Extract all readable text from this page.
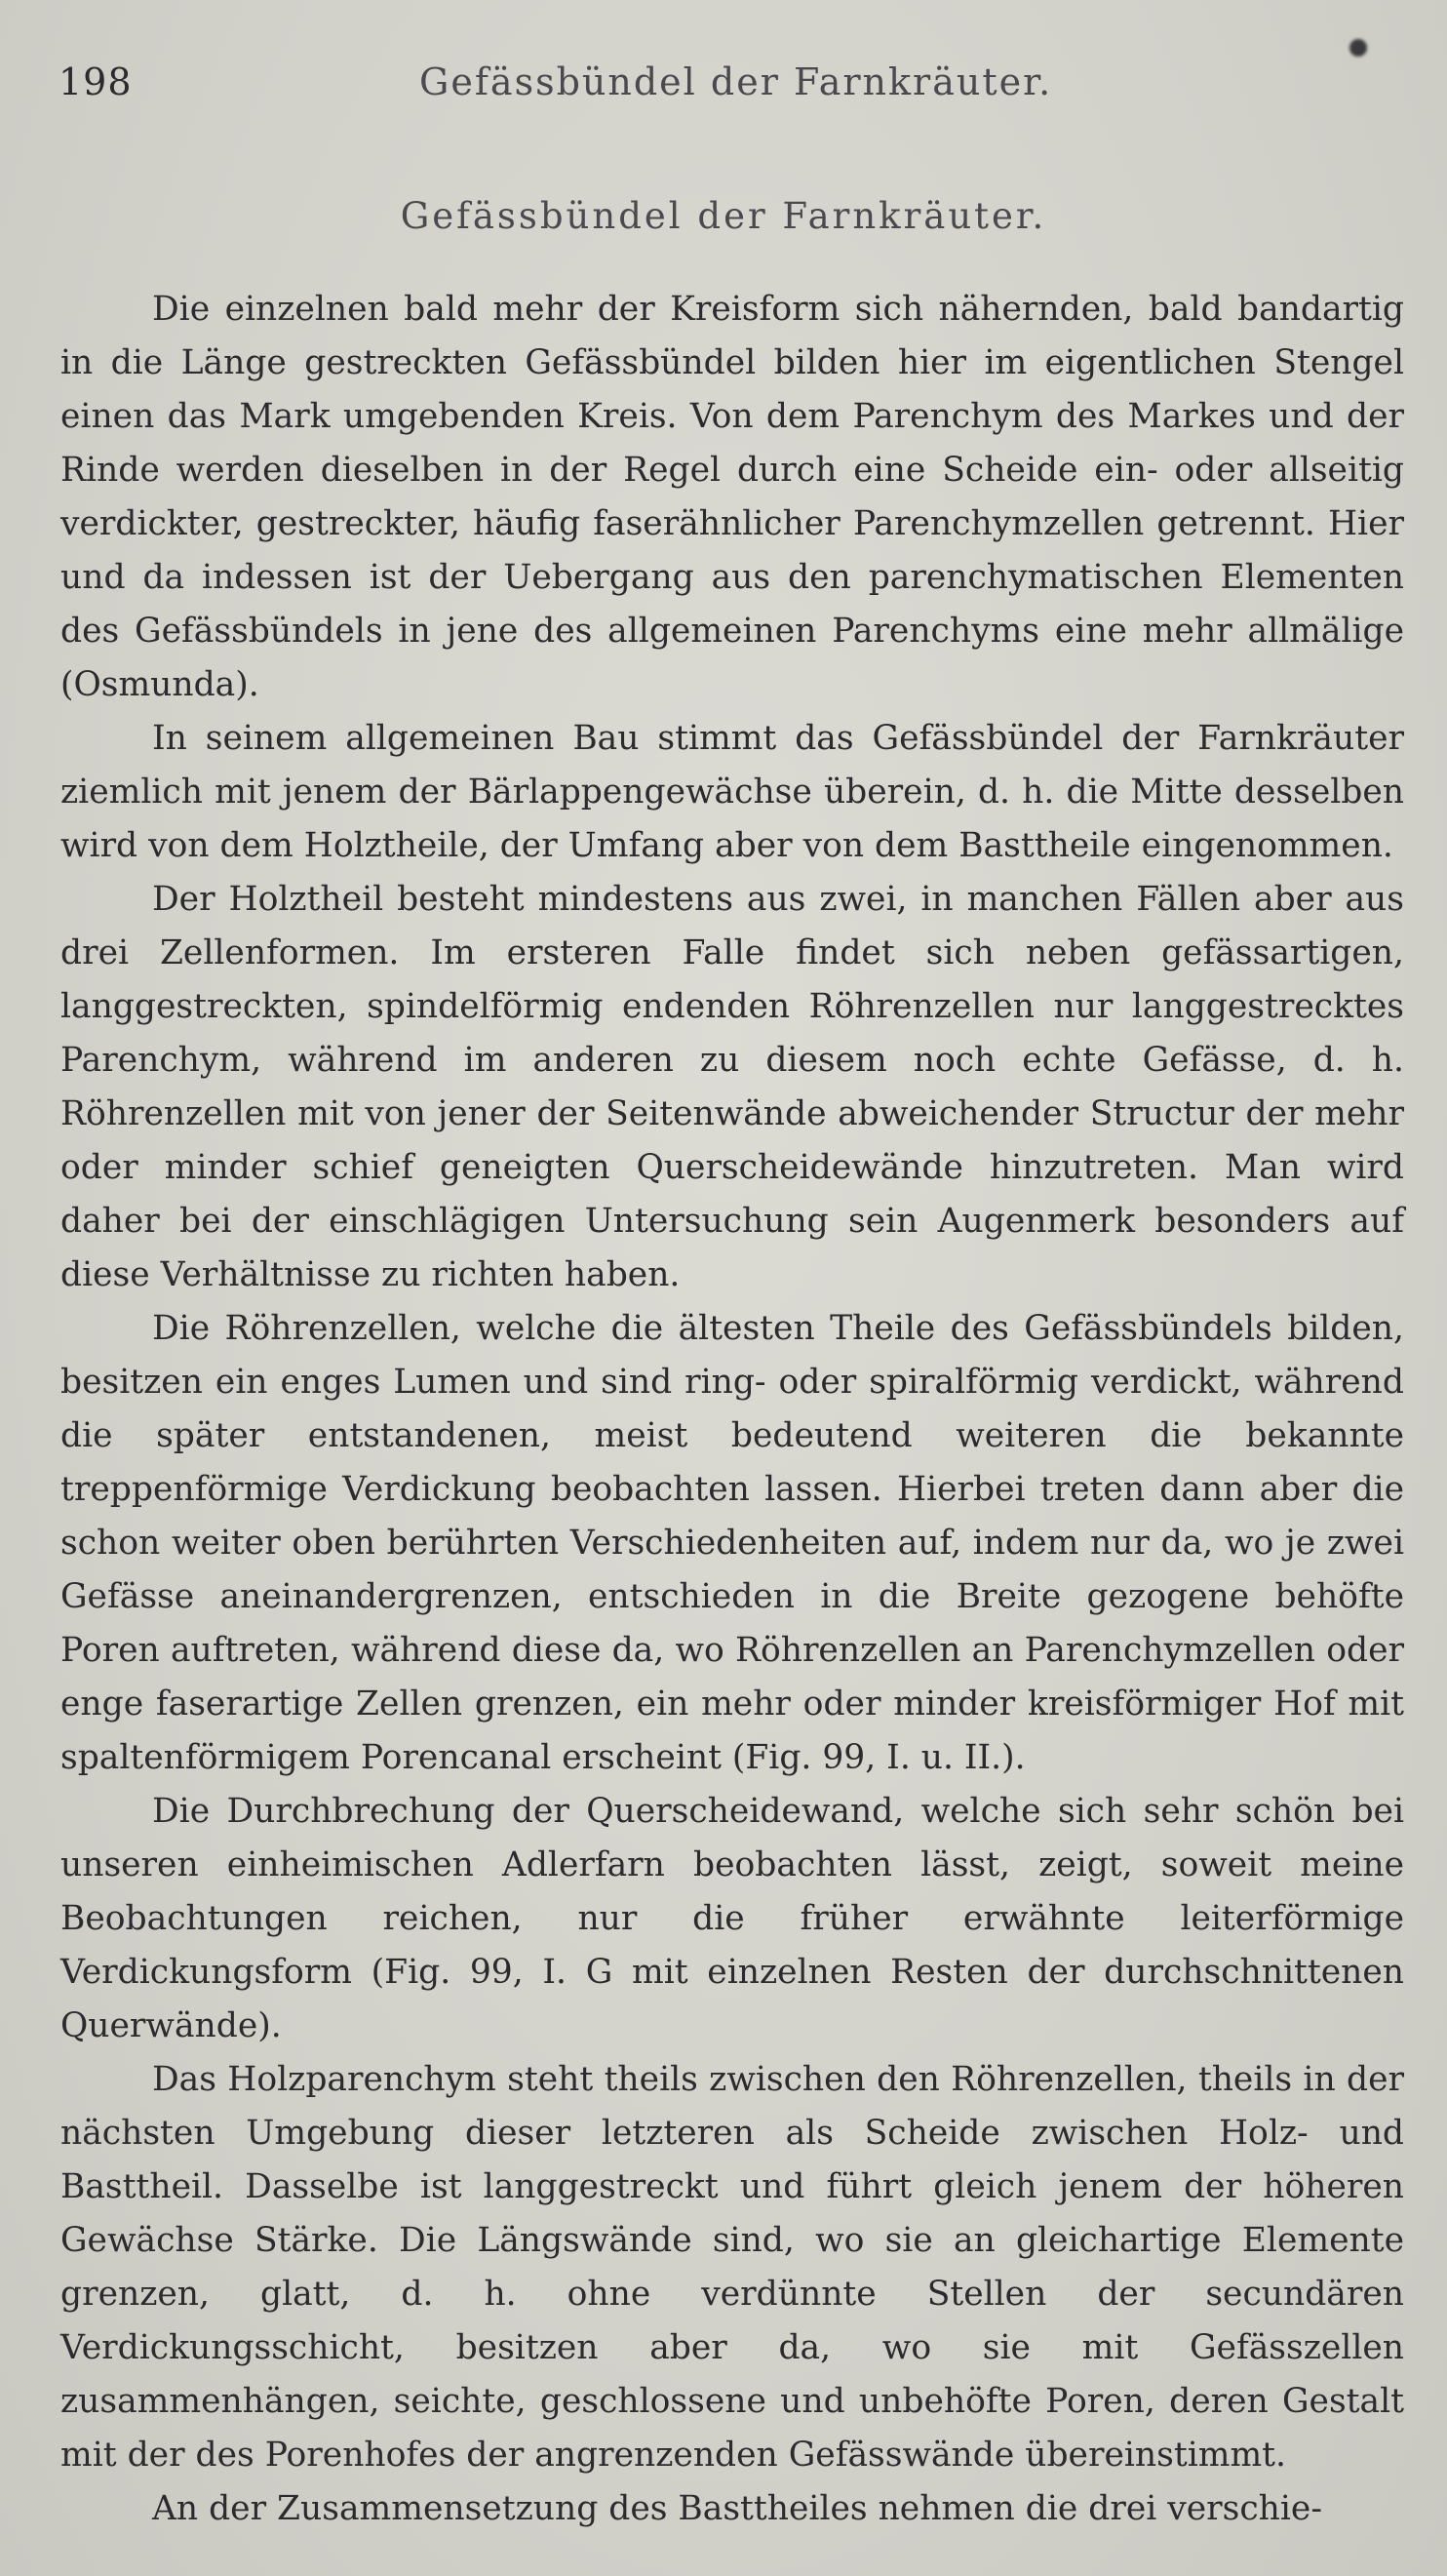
198	Gefässbündel der Farnkräuter.
Gefässbündel der Farnkräuter.

Die einzelnen bald mehr der Kreisform sich nähernden, bald bandartig in die Länge gestreckten Gefässbündel bilden hier im eigentlichen Stengel einen das Mark umgebenden Kreis. Von dem Parenchym des Markes und der Rinde werden dieselben in der Regel durch eine Scheide ein- oder allseitig verdickter, gestreckter, häufig faserähnlicher Parenchymzellen getrennt. Hier und da indessen ist der Uebergang aus den parenchymatischen Elementen des Gefässbündels in jene des allgemeinen Parenchyms eine mehr allmälige (Osmunda).

In seinem allgemeinen Bau stimmt das Gefässbündel der Farnkräuter ziemlich mit jenem der Bärlappengewächse überein, d. h. die Mitte desselben wird von dem Holztheile, der Umfang aber von dem Basttheile eingenommen.

Der Holztheil besteht mindestens aus zwei, in manchen Fällen aber aus drei Zellenformen. Im ersteren Falle findet sich neben gefässartigen, langgestreckten, spindelförmig endenden Röhrenzellen nur langgestrecktes Parenchym, während im anderen zu diesem noch echte Gefässe, d. h. Röhrenzellen mit von jener der Seitenwände abweichender Structur der mehr oder minder schief geneigten Querscheidewände hinzutreten. Man wird daher bei der einschlägigen Untersuchung sein Augenmerk besonders auf diese Verhältnisse zu richten haben.

Die Röhrenzellen, welche die ältesten Theile des Gefässbündels bilden, besitzen ein enges Lumen und sind ring- oder spiralförmig verdickt, während die später entstandenen, meist bedeutend weiteren die bekannte treppenförmige Verdickung beobachten lassen. Hierbei treten dann aber die schon weiter oben berührten Verschiedenheiten auf, indem nur da, wo je zwei Gefässe aneinandergrenzen, entschieden in die Breite gezogene behöfte Poren auftreten, während diese da, wo Röhrenzellen an Parenchymzellen oder enge faserartige Zellen grenzen, ein mehr oder minder kreisförmiger Hof mit spaltenförmigem Porencanal erscheint (Fig. 99, I. u. II.).

Die Durchbrechung der Querscheidewand, welche sich sehr schön bei unseren einheimischen Adlerfarn beobachten lässt, zeigt, soweit meine Beobachtungen reichen, nur die früher erwähnte leiterförmige Verdickungsform (Fig. 99, I. G mit einzelnen Resten der durchschnittenen Querwände).

Das Holzparenchym steht theils zwischen den Röhrenzellen, theils in der nächsten Umgebung dieser letzteren als Scheide zwischen Holz- und Basttheil. Dasselbe ist langgestreckt und führt gleich jenem der höheren Gewächse Stärke. Die Längswände sind, wo sie an gleichartige Elemente grenzen, glatt, d. h. ohne verdünnte Stellen der secundären Verdickungsschicht, besitzen aber da, wo sie mit Gefässzellen zusammenhängen, seichte, geschlossene und unbehöfte Poren, deren Gestalt mit der des Porenhofes der angrenzenden Gefässwände übereinstimmt.

An der Zusammensetzung des Basttheiles nehmen die drei verschie-
